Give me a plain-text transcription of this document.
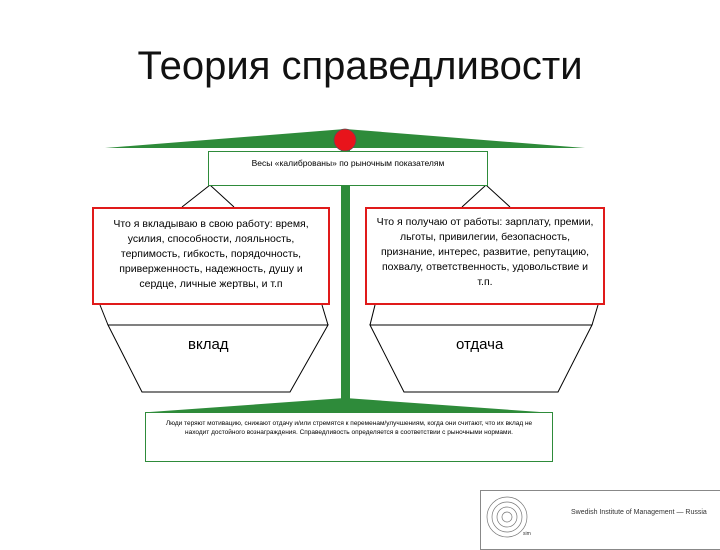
Теория справедливости
Весы «калиброваны» по рыночным показателям
Что я вкладываю в свою работу: время, усилия, способности, лояльность, терпимость, гибкость, порядочность, приверженность, надежность, душу и сердце, личные жертвы, и т.п
Что я получаю от работы: зарплату, премии, льготы, привилегии, безопасность, признание, интерес, развитие, репутацию, похвалу, ответственность, удовольствие и т.п.
вклад	отдача
Люди теряют мотивацию, снижают отдачу и/или стремятся к переменам/улучшениям, когда они считают, что их вклад не находит достойного вознаграждения. Справедливость определяется в соответствии с рыночными нормами.
Swedish Institute of Management — Russia
sim
